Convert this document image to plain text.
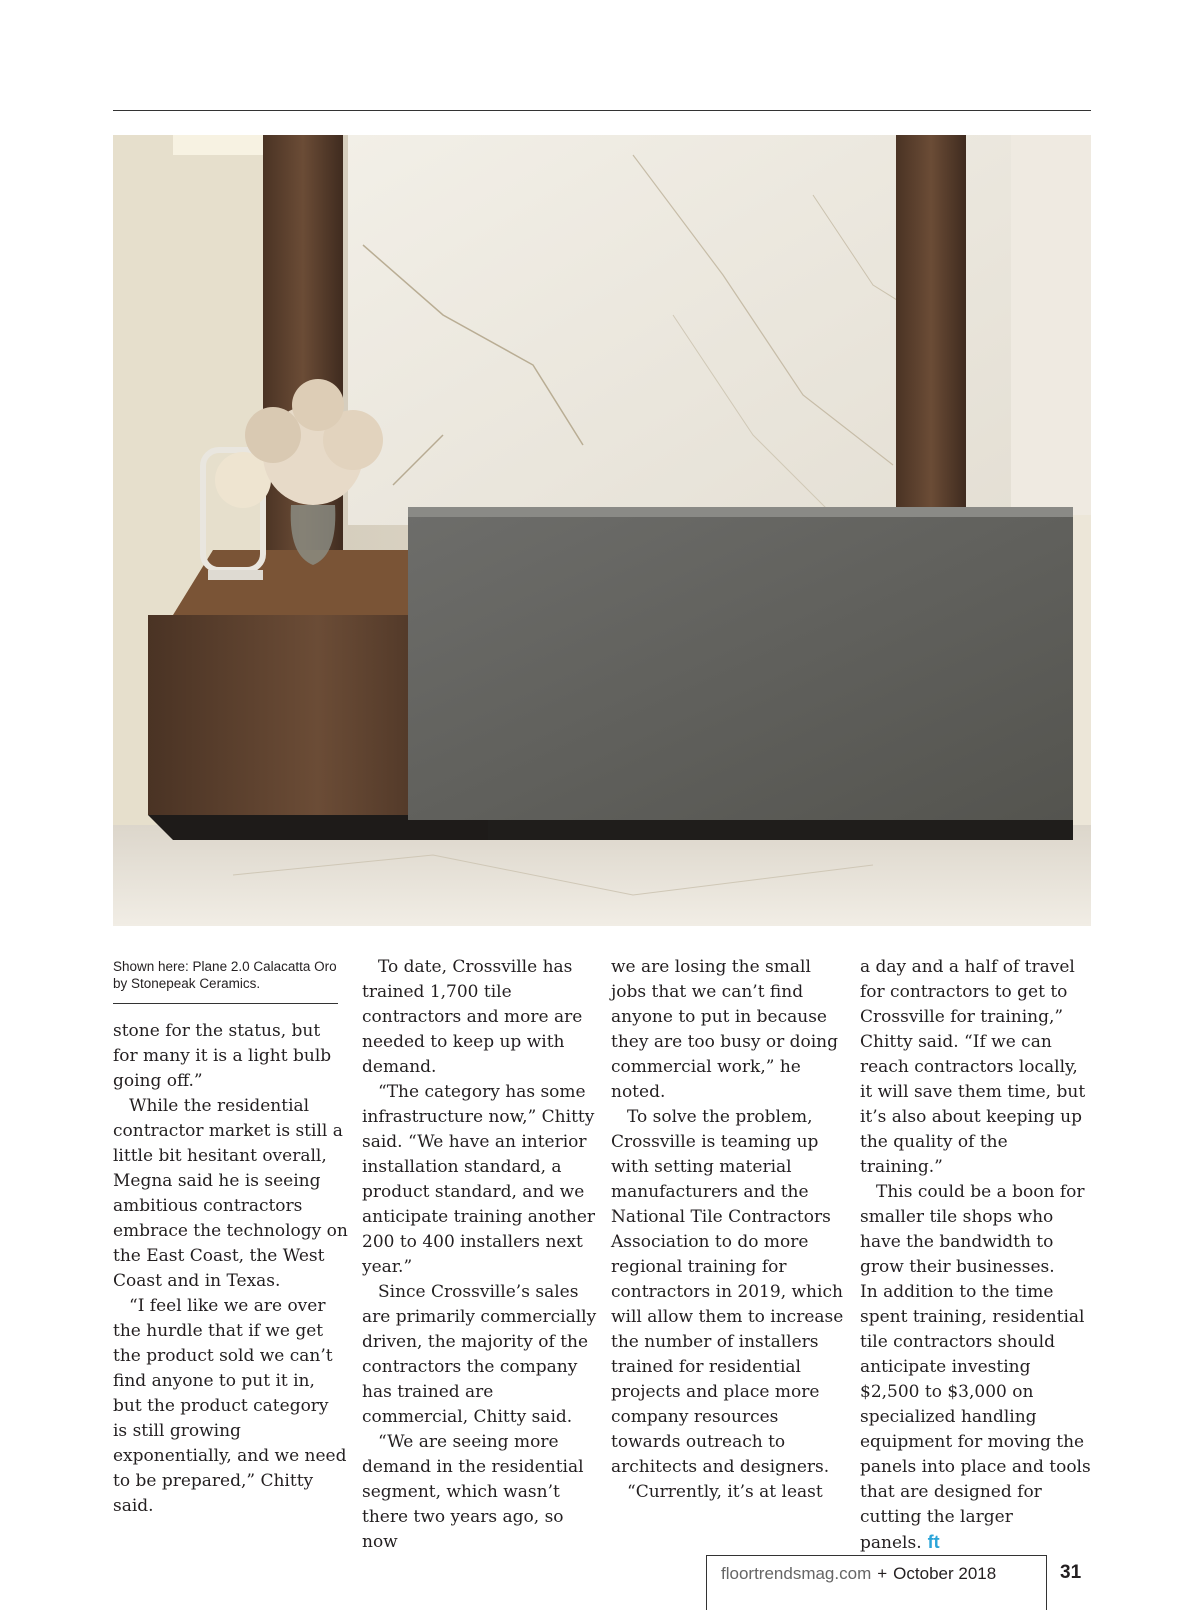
Shown here: Plane 2.0 Calacatta Oro by Stonepeak Ceramics.

stone for the status, but for many it is a light bulb going off.”

While the residential contractor market is still a little bit hesitant overall, Megna said he is seeing ambitious contractors embrace the technology on the East Coast, the West Coast and in Texas.

“I feel like we are over the hurdle that if we get the product sold we can’t find anyone to put it in, but the product category is still growing exponentially, and we need to be prepared,” Chitty said.

To date, Crossville has trained 1,700 tile contractors and more are needed to keep up with demand.

“The category has some infrastructure now,” Chitty said. “We have an interior installation standard, a product standard, and we anticipate training another 200 to 400 installers next year.”

Since Crossville’s sales are primarily commercially driven, the majority of the contractors the company has trained are commercial, Chitty said.

“We are seeing more demand in the residential segment, which wasn’t there two years ago, so now

we are losing the small jobs that we can’t find anyone to put in because they are too busy or doing commercial work,” he noted.

To solve the problem, Crossville is teaming up with setting material manufacturers and the National Tile Contractors Association to do more regional training for contractors in 2019, which will allow them to increase the number of installers trained for residential projects and place more company resources towards outreach to architects and designers.

“Currently, it’s at least

a day and a half of travel for contractors to get to Crossville for training,” Chitty said. “If we can reach contractors locally, it will save them time, but it’s also about keeping up the quality of the training.”

This could be a boon for smaller tile shops who have the bandwidth to grow their businesses.

In addition to the time spent training, residential tile contractors should anticipate investing $2,500 to $3,000 on specialized handling equipment for moving the panels into place and tools that are designed for cutting the larger panels. ft

floortrendsmag.com + October 2018	31
